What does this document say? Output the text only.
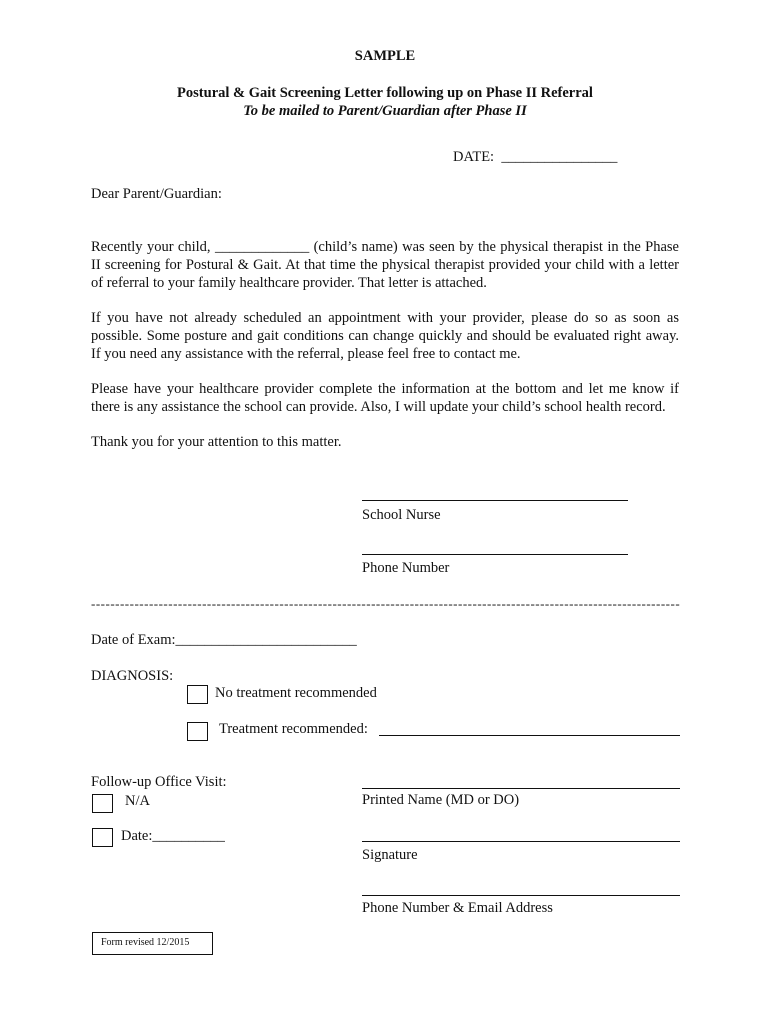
SAMPLE
Postural & Gait Screening Letter following up on Phase II Referral
To be mailed to Parent/Guardian after Phase II
DATE:  ________________
Dear Parent/Guardian:

Recently your child, _____________ (child’s name) was seen by the physical therapist in the Phase II screening for Postural & Gait. At that time the physical therapist provided your child with a letter of referral to your family healthcare provider. That letter is attached.

If you have not already scheduled an appointment with your provider, please do so as soon as possible. Some posture and gait conditions can change quickly and should be evaluated right away. If you need any assistance with the referral, please feel free to contact me.

Please have your healthcare provider complete the information at the bottom and let me know if there is any assistance the school can provide. Also, I will update your child’s school health record.

Thank you for your attention to this matter.

School Nurse
Phone Number
--------------------------------------------------------------------------------------------------------------------------
Date of Exam:_________________________
DIAGNOSIS:
No treatment recommended
Treatment recommended:
Follow-up Office Visit:
N/A
Date:__________
Printed Name (MD or DO)
Signature
Phone Number & Email Address
Form revised 12/2015
